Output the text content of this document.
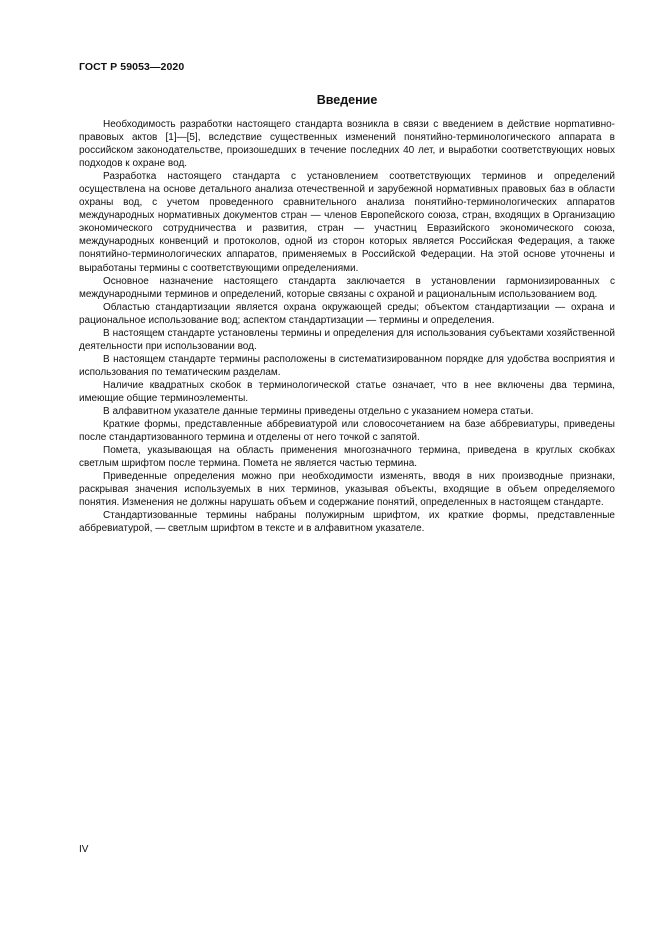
ГОСТ Р 59053—2020
Введение

Необходимость разработки настоящего стандарта возникла в связи с введением в действие норmативно-правовых актов [1]—[5], вследствие существенных изменений понятийно-терминологического аппарата в российском законодательстве, произошедших в течение последних 40 лет, и выработки соответствующих новых подходов к охране вод.

Разработка настоящего стандарта с установлением соответствующих терминов и определений осуществлена на основе детального анализа отечественной и зарубежной нормативных правовых баз в области охраны вод, с учетом проведенного сравнительного анализа понятийно-терминологических аппаратов международных нормативных документов стран — членов Европейского союза, стран, входящих в Организацию экономического сотрудничества и развития, стран — участниц Евразийского экономического союза, международных конвенций и протоколов, одной из сторон которых является Российская Федерация, а также понятийно-терминологических аппаратов, применяемых в Российской Федерации. На этой основе уточнены и выработаны термины с соответствующими определениями.

Основное назначение настоящего стандарта заключается в установлении гармонизированных с международными терминов и определений, которые связаны с охраной и рациональным использованием вод.

Областью стандартизации является охрана окружающей среды; объектом стандартизации — охрана и рациональное использование вод; аспектом стандартизации — термины и определения.

В настоящем стандарте установлены термины и определения для использования субъектами хозяйственной деятельности при использовании вод.

В настоящем стандарте термины расположены в систематизированном порядке для удобства восприятия и использования по тематическим разделам.

Наличие квадратных скобок в терминологической статье означает, что в нее включены два термина, имеющие общие терминоэлементы.

В алфавитном указателе данные термины приведены отдельно с указанием номера статьи.

Краткие формы, представленные аббревиатурой или словосочетанием на базе аббревиатуры, приведены после стандартизованного термина и отделены от него точкой с запятой.

Помета, указывающая на область применения многозначного термина, приведена в круглых скобках светлым шрифтом после термина. Помета не является частью термина.

Приведенные определения можно при необходимости изменять, вводя в них производные признаки, раскрывая значения используемых в них терминов, указывая объекты, входящие в объем определяемого понятия. Изменения не должны нарушать объем и содержание понятий, определенных в настоящем стандарте.

Стандартизованные термины набраны полужирным шрифтом, их краткие формы, представленные аббревиатурой, — светлым шрифтом в тексте и в алфавитном указателе.

IV
